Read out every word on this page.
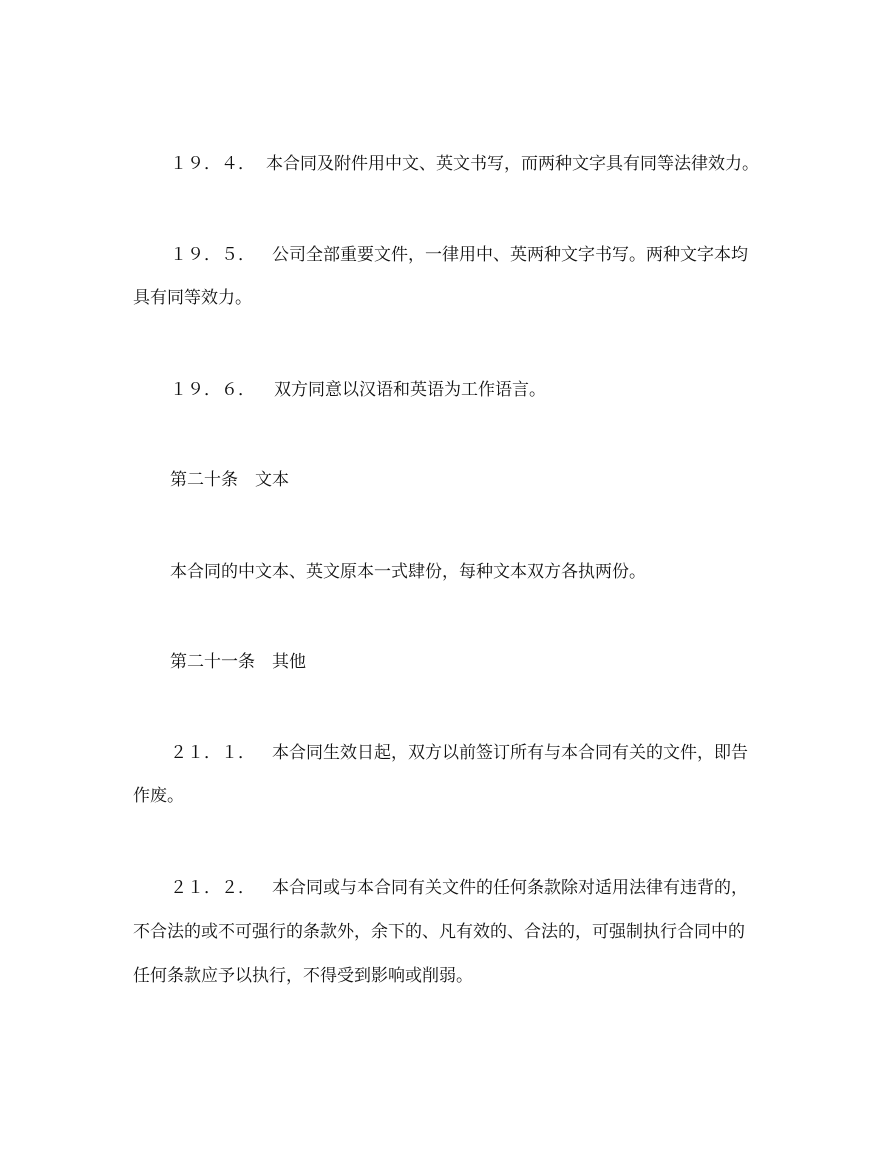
１９．４． 本合同及附件用中文、英文书写，而两种文字具有同等法律效力。
１９．５． 公司全部重要文件，一律用中、英两种文字书写。两种文字本均
具有同等效力。
１９．６． 双方同意以汉语和英语为工作语言。
第二十条　文本
本合同的中文本、英文原本一式肆份，每种文本双方各执两份。
第二十一条　其他
２１．１． 本合同生效日起，双方以前签订所有与本合同有关的文件，即告
作废。
２１．２． 本合同或与本合同有关文件的任何条款除对适用法律有违背的，
不合法的或不可强行的条款外，余下的、凡有效的、合法的，可强制执行合同中的
任何条款应予以执行，不得受到影响或削弱。
